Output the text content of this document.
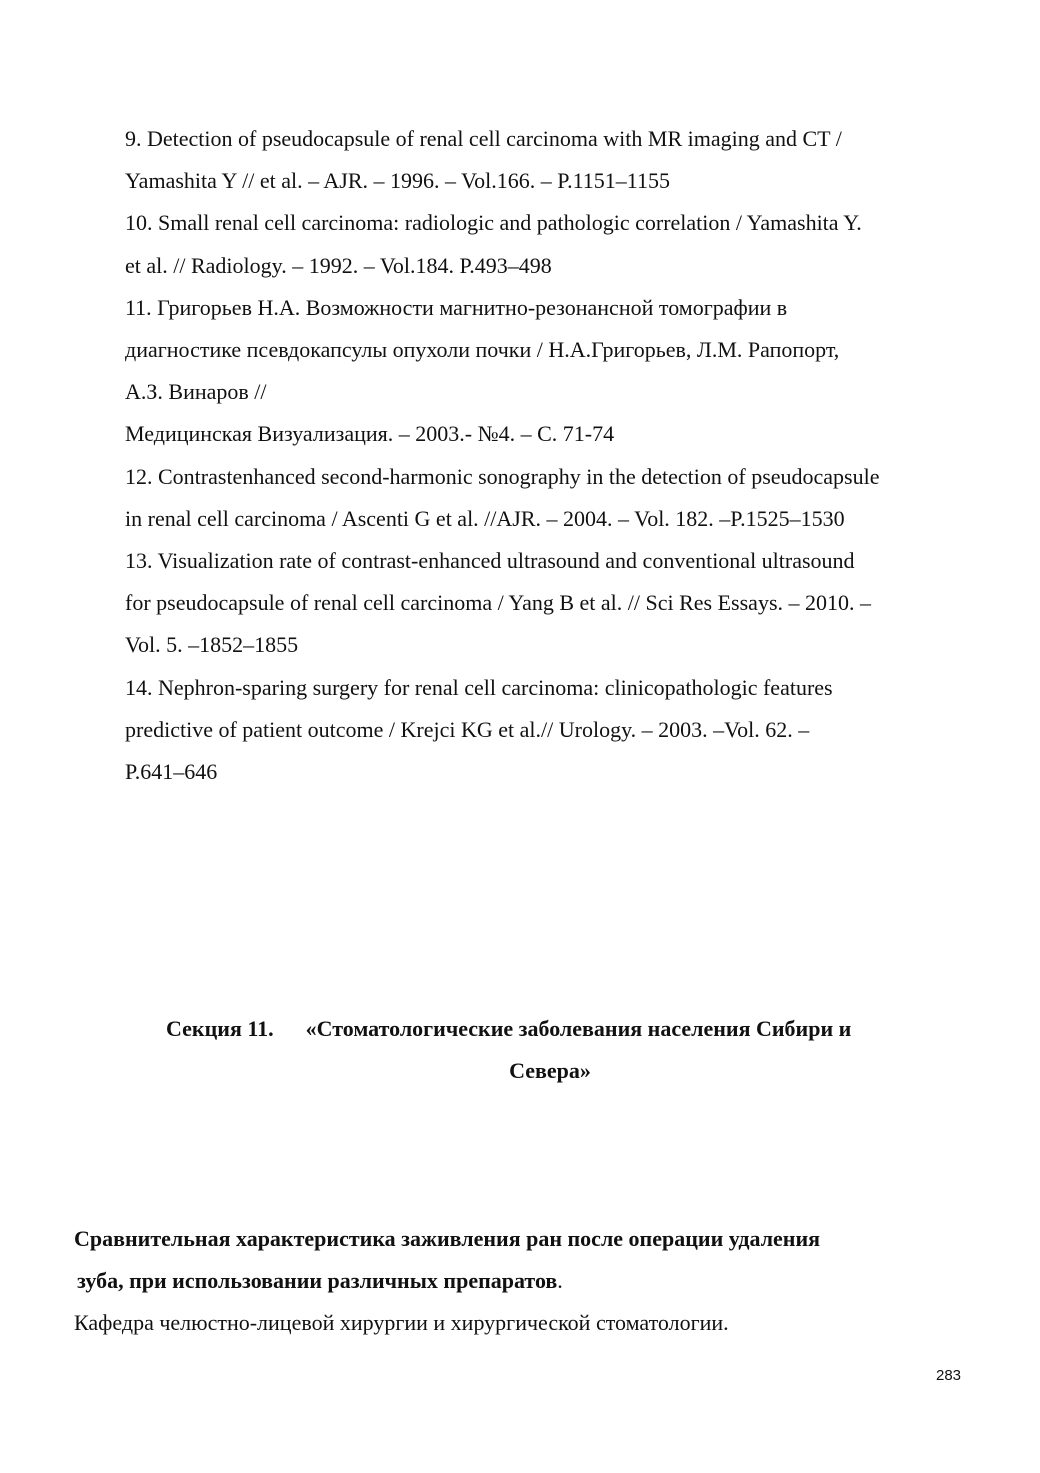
9. Detection of pseudocapsule of renal cell carcinoma with MR imaging and CT /
Yamashita Y // et al. – AJR. – 1996. – Vol.166. – P.1151–1155
10. Small renal cell carcinoma: radiologic and pathologic correlation / Yamashita Y.
et al. // Radiology. – 1992. – Vol.184. P.493–498
11. Григорьев Н.А. Возможности магнитно-резонансной томографии в
диагностике псевдокапсулы опухоли почки / Н.А.Григорьев, Л.М. Рапопорт,
А.З. Винаров //
Медицинская Визуализация. – 2003.- №4. – С. 71-74
12. Contrastenhanced second-harmonic sonography in the detection of pseudocapsule
in renal cell carcinoma / Ascenti G et al. //AJR. – 2004. – Vol. 182. –P.1525–1530
13. Visualization rate of contrast-enhanced ultrasound and conventional ultrasound
for pseudocapsule of renal cell carcinoma / Yang B et al. // Sci Res Essays. – 2010. –
Vol. 5. –1852–1855
14. Nephron-sparing surgery for renal cell carcinoma: clinicopathologic features
predictive of patient outcome / Krejci KG et al.// Urology. – 2003. –Vol. 62. –
P.641–646
Секция 11. «Стоматологические заболевания населения Сибири и
Севера»
Сравнительная характеристика заживления ран после операции удаления
зуба, при использовании различных препаратов.
Кафедра челюстно-лицевой хирургии и хирургической стоматологии.
283
